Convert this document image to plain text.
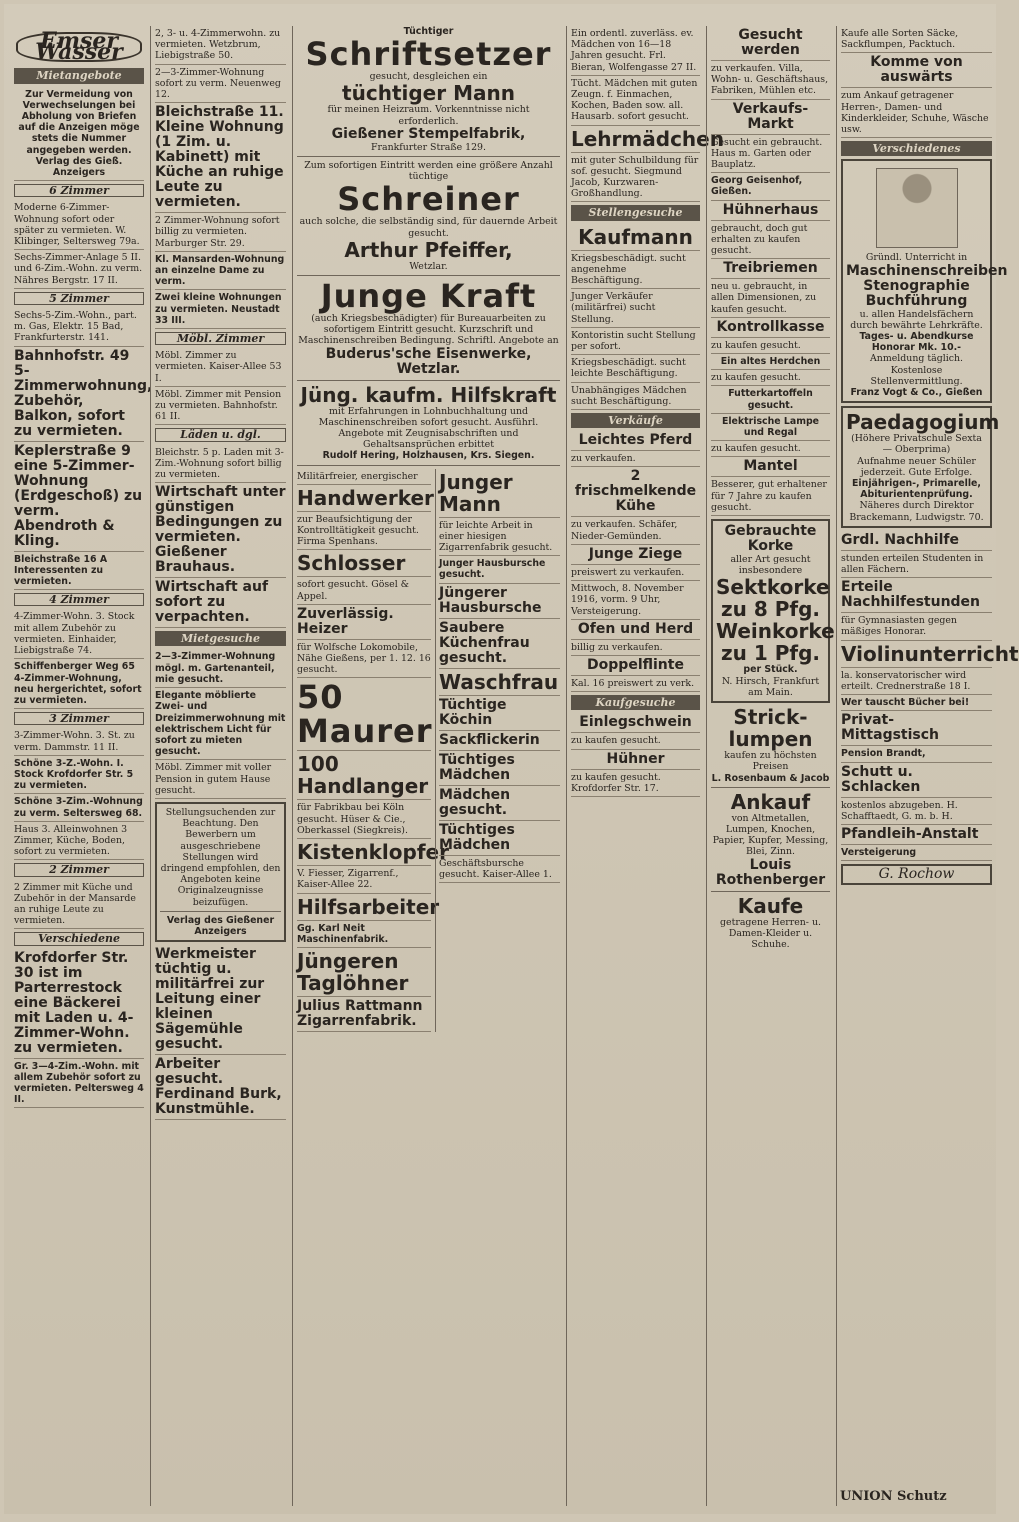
Emser Wasser
Mietangebote
Zur Vermeidung von Verwechselungen bei Abholung von Briefen auf die Anzeigen möge stets die Nummer angegeben werden. Verlag des Gieß. Anzeigers
6 Zimmer
Moderne 6-Zimmer-Wohnung sofort oder später zu vermieten. W. Klibinger, Seltersweg 79a.
Sechs-Zimmer-Anlage 5 II. und 6-Zim.-Wohn. zu verm. Nähres Bergstr. 17 II.
5 Zimmer
Sechs-5-Zim.-Wohn., part. m. Gas, Elektr. 15 Bad, Frankfurterstr. 141.
Bahnhofstr. 49 5-Zimmerwohnung, Zubehör, Balkon, sofort zu vermieten.
Keplerstraße 9 eine 5-Zimmer-Wohnung (Erdgeschoß) zu verm. Abendroth & Kling.
Bleichstraße 16 A Interessenten zu vermieten.
4 Zimmer
4-Zimmer-Wohn. 3. Stock mit allem Zubehör zu vermieten. Einhaider, Liebigstraße 74.
Schiffenberger Weg 65 4-Zimmer-Wohnung, neu hergerichtet, sofort zu vermieten.
3 Zimmer
3-Zimmer-Wohn. 3. St. zu verm. Dammstr. 11 II.
Schöne 3-Z.-Wohn. I. Stock Krofdorfer Str. 5 zu vermieten.
Schöne 3-Zim.-Wohnung zu verm. Seltersweg 68.
Haus 3. Alleinwohnen 3 Zimmer, Küche, Boden, sofort zu vermieten.
2 Zimmer
2 Zimmer mit Küche und Zubehör in der Mansarde an ruhige Leute zu vermieten.
Verschiedene
Krofdorfer Str. 30 ist im Parterrestock eine Bäckerei mit Laden u. 4-Zimmer-Wohn. zu vermieten.
Gr. 3—4-Zim.-Wohn. mit allem Zubehör sofort zu vermieten. Peltersweg 4 II.
2, 3- u. 4-Zimmerwohn. zu vermieten. Wetzbrum, Liebigstraße 50.
2—3-Zimmer-Wohnung sofort zu verm. Neuenweg 12.
Bleichstraße 11. Kleine Wohnung (1 Zim. u. Kabinett) mit Küche an ruhige Leute zu vermieten.
2 Zimmer-Wohnung sofort billig zu vermieten. Marburger Str. 29.
Kl. Mansarden-Wohnung an einzelne Dame zu verm.
Zwei kleine Wohnungen zu vermieten. Neustadt 33 III.
Möbl. Zimmer
Möbl. Zimmer zu vermieten. Kaiser-Allee 53 I.
Möbl. Zimmer mit Pension zu vermieten. Bahnhofstr. 61 II.
Läden u. dgl.
Bleichstr. 5 p. Laden mit 3-Zim.-Wohnung sofort billig zu vermieten.
Wirtschaft unter günstigen Bedingungen zu vermieten. Gießener Brauhaus.
Wirtschaft auf sofort zu verpachten.
Mietgesuche
2—3-Zimmer-Wohnung mögl. m. Gartenanteil, mie gesucht.
Elegante möblierte Zwei- und Dreizimmerwohnung mit elektrischem Licht für sofort zu mieten gesucht.
Möbl. Zimmer mit voller Pension in gutem Hause gesucht.
Stellungsuchenden zur Beachtung. Den Bewerbern um ausgeschriebene Stellungen wird dringend empfohlen, den Angeboten keine Originalzeugnisse beizufügen.
Verlag des Gießener Anzeigers
Werkmeister tüchtig u. militärfrei zur Leitung einer kleinen Sägemühle gesucht.
Arbeiter gesucht. Ferdinand Burk, Kunstmühle.
Tüchtiger
Schriftsetzer
gesucht, desgleichen ein
tüchtiger Mann
für meinen Heizraum. Vorkenntnisse nicht erforderlich.
Gießener Stempelfabrik,
Frankfurter Straße 129.
Zum sofortigen Eintritt werden eine größere Anzahl tüchtige
Schreiner
auch solche, die selbständig sind, für dauernde Arbeit gesucht.
Arthur Pfeiffer,
Wetzlar.
Junge Kraft
(auch Kriegsbeschädigter) für Bureauarbeiten zu sofortigem Eintritt gesucht. Kurzschrift und Maschinenschreiben Bedingung. Schriftl. Angebote an
Buderus'sche Eisenwerke, Wetzlar.
Jüng. kaufm. Hilfskraft
mit Erfahrungen in Lohnbuchhaltung und Maschinenschreiben sofort gesucht. Ausführl. Angebote mit Zeugnisabschriften und Gehaltsansprüchen erbittet
Rudolf Hering, Holzhausen, Krs. Siegen.
Militärfreier, energischer
Handwerker
zur Beaufsichtigung der Kontrolltätigkeit gesucht. Firma Spenhans.
Schlosser
sofort gesucht. Gösel & Appel.
Zuverlässig. Heizer
für Wolfsche Lokomobile, Nähe Gießens, per 1. 12. 16 gesucht.
50 Maurer
100 Handlanger
für Fabrikbau bei Köln gesucht. Hüser & Cie., Oberkassel (Siegkreis).
Kistenklopfer
V. Fiesser, Zigarrenf., Kaiser-Allee 22.
Hilfsarbeiter
Gg. Karl Neit Maschinenfabrik.
Jüngeren Taglöhner
Julius Rattmann Zigarrenfabrik.
Junger Mann
für leichte Arbeit in einer hiesigen Zigarrenfabrik gesucht.
Junger Hausbursche gesucht.
Jüngerer Hausbursche
Saubere Küchenfrau gesucht.
Waschfrau
Tüchtige Köchin
Sackflickerin
Tüchtiges Mädchen
Mädchen gesucht.
Tüchtiges Mädchen
Geschäftsbursche gesucht. Kaiser-Allee 1.
Ein ordentl. zuverläss. ev. Mädchen von 16—18 Jahren gesucht. Frl. Bieran, Wolfengasse 27 II.
Tücht. Mädchen mit guten Zeugn. f. Einmachen, Kochen, Baden sow. all. Hausarb. sofort gesucht.
Lehrmädchen
mit guter Schulbildung für sof. gesucht. Siegmund Jacob, Kurzwaren-Großhandlung.
Stellengesuche
Kaufmann
Kriegsbeschädigt. sucht angenehme Beschäftigung.
Junger Verkäufer (militärfrei) sucht Stellung.
Kontoristin sucht Stellung per sofort.
Kriegsbeschädigt. sucht leichte Beschäftigung.
Unabhängiges Mädchen sucht Beschäftigung.
Verkäufe
Leichtes Pferd
zu verkaufen.
2 frischmelkende Kühe
zu verkaufen. Schäfer, Nieder-Gemünden.
Junge Ziege
preiswert zu verkaufen.
Mittwoch, 8. November 1916, vorm. 9 Uhr, Versteigerung.
Ofen und Herd
billig zu verkaufen.
Doppelflinte
Kal. 16 preiswert zu verk.
Kaufgesuche
Einlegschwein
zu kaufen gesucht.
Hühner
zu kaufen gesucht. Krofdorfer Str. 17.
Gesucht werden
zu verkaufen. Villa, Wohn- u. Geschäftshaus, Fabriken, Mühlen etc.
Verkaufs-Markt
Gesucht ein gebraucht. Haus m. Garten oder Bauplatz.
Georg Geisenhof, Gießen.
Hühnerhaus
gebraucht, doch gut erhalten zu kaufen gesucht.
Treibriemen
neu u. gebraucht, in allen Dimensionen, zu kaufen gesucht.
Kontrollkasse
zu kaufen gesucht.
Ein altes Herdchen
zu kaufen gesucht.
Futterkartoffeln gesucht.
Elektrische Lampe und Regal
zu kaufen gesucht.
Mantel
Besserer, gut erhaltener für 7 Jahre zu kaufen gesucht.
Gebrauchte Korke
aller Art gesucht insbesondere
Sektkorke
zu 8 Pfg.
Weinkorke
zu 1 Pfg.
per Stück.
N. Hirsch, Frankfurt am Main.
Strick-lumpen
kaufen zu höchsten Preisen
L. Rosenbaum & Jacob
Ankauf
von Altmetallen, Lumpen, Knochen, Papier, Kupfer, Messing, Blei, Zinn.
Louis Rothenberger
Kaufe
getragene Herren- u. Damen-Kleider u. Schuhe.
Kaufe alle Sorten Säcke, Sackflumpen, Packtuch.
Komme von auswärts
zum Ankauf getragener Herren-, Damen- und Kinderkleider, Schuhe, Wäsche usw.
Verschiedenes
Gründl. Unterricht in
Maschinenschreiben
Stenographie
Buchführung
u. allen Handelsfächern durch bewährte Lehrkräfte.
Tages- u. Abendkurse
Honorar Mk. 10.-
Anmeldung täglich. Kostenlose Stellenvermittlung.
Franz Vogt & Co., Gießen
Paedagogium
(Höhere Privatschule Sexta — Oberprima)
Aufnahme neuer Schüler jederzeit. Gute Erfolge.
Einjährigen-, Primarelle, Abiturientenprüfung.
Näheres durch Direktor Brackemann, Ludwigstr. 70.
Grdl. Nachhilfe
stunden erteilen Studenten in allen Fächern.
Erteile Nachhilfestunden
für Gymnasiasten gegen mäßiges Honorar.
Violinunterricht
la. konservatorischer wird erteilt. Crednerstraße 18 I.
Wer tauscht Bücher bei!
Privat-Mittagstisch
Pension Brandt,
Schutt u. Schlacken
kostenlos abzugeben. H. Schafftaedt, G. m. b. H.
Pfandleih-Anstalt
Versteigerung
G. Rochow
UNION Schutz
